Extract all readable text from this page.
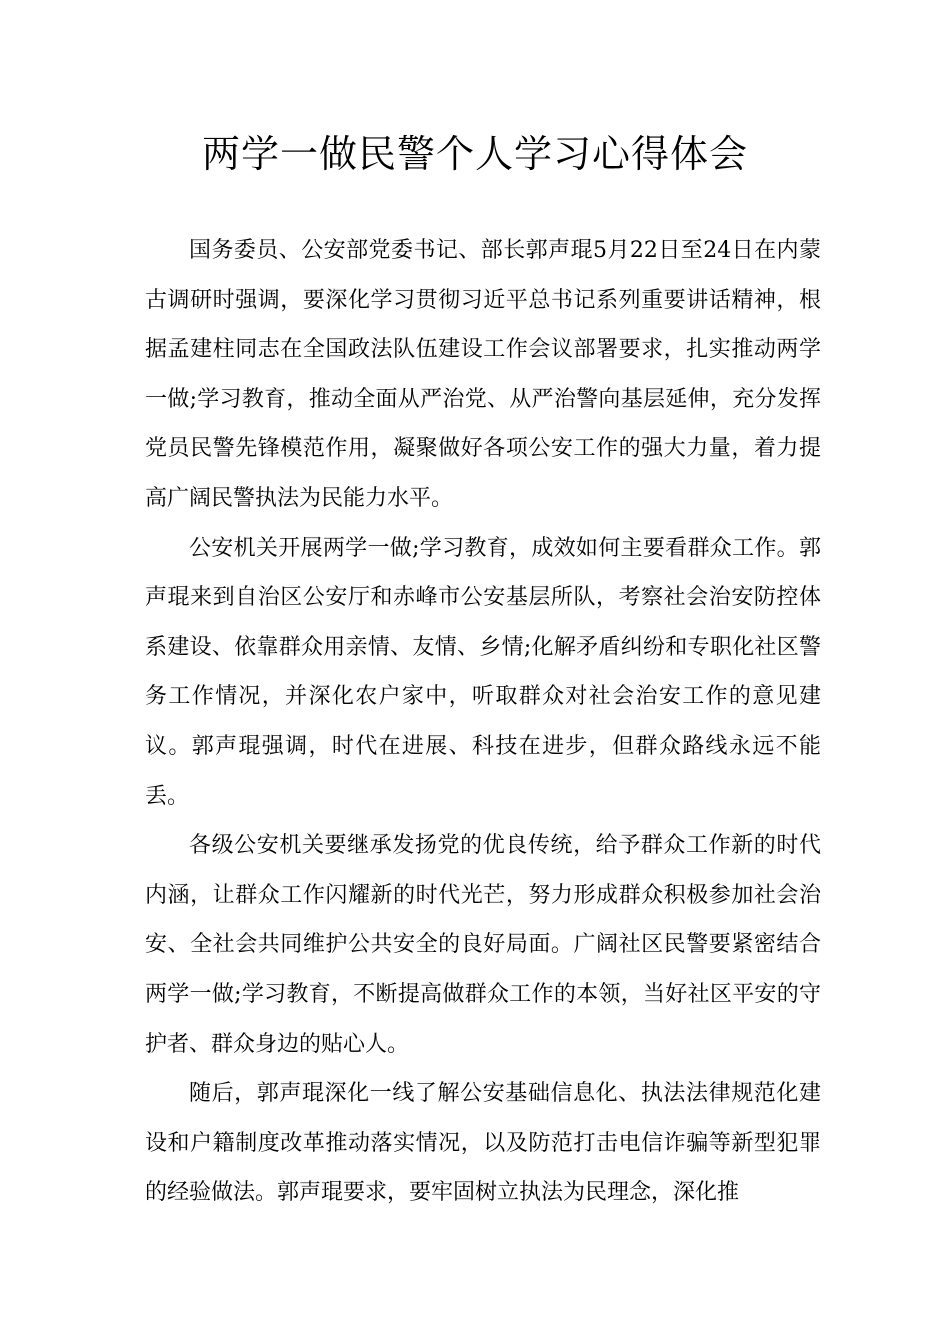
两学一做民警个人学习心得体会

国务委员、公安部党委书记、部长郭声琨5月22日至24日在内蒙古调研时强调，要深化学习贯彻习近平总书记系列重要讲话精神，根据孟建柱同志在全国政法队伍建设工作会议部署要求，扎实推动两学一做;学习教育，推动全面从严治党、从严治警向基层延伸，充分发挥党员民警先锋模范作用，凝聚做好各项公安工作的强大力量，着力提高广阔民警执法为民能力水平。

公安机关开展两学一做;学习教育，成效如何主要看群众工作。郭声琨来到自治区公安厅和赤峰市公安基层所队，考察社会治安防控体系建设、依靠群众用亲情、友情、乡情;化解矛盾纠纷和专职化社区警务工作情况，并深化农户家中，听取群众对社会治安工作的意见建议。郭声琨强调，时代在进展、科技在进步，但群众路线永远不能丢。

各级公安机关要继承发扬党的优良传统，给予群众工作新的时代内涵，让群众工作闪耀新的时代光芒，努力形成群众积极参加社会治安、全社会共同维护公共安全的良好局面。广阔社区民警要紧密结合两学一做;学习教育，不断提高做群众工作的本领，当好社区平安的守护者、群众身边的贴心人。

随后，郭声琨深化一线了解公安基础信息化、执法法律规范化建设和户籍制度改革推动落实情况，以及防范打击电信诈骗等新型犯罪的经验做法。郭声琨要求，要牢固树立执法为民理念，深化推
